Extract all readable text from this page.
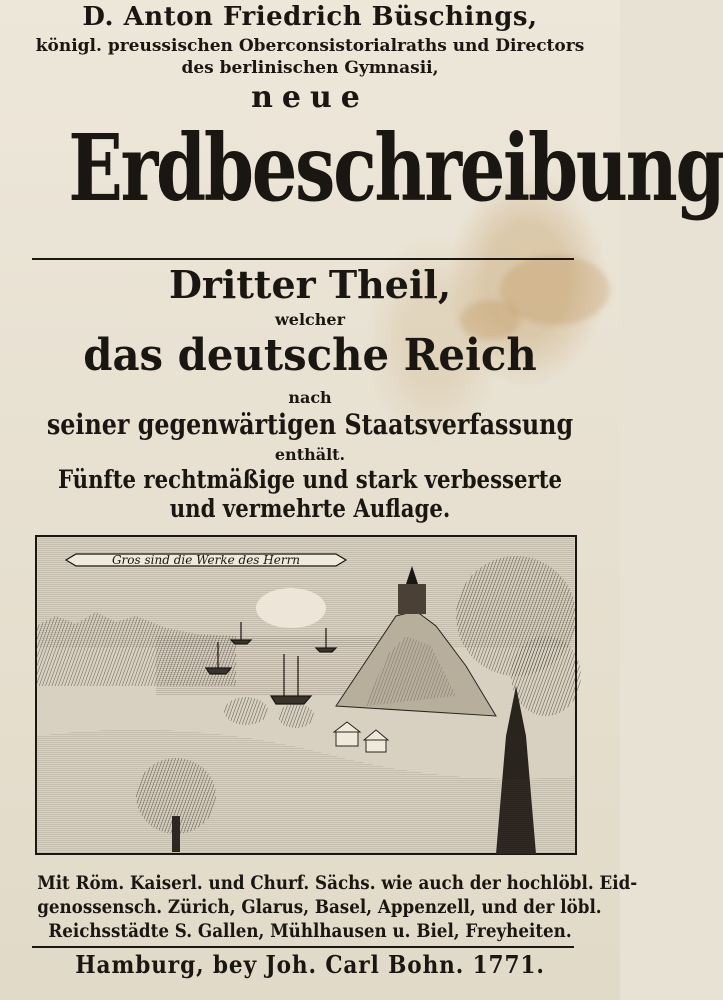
D. Anton Friedrich Büschings,
königl. preussischen Oberconsistorialraths und Directors
des berlinischen Gymnasii,
neue
Erdbeschreibung
Dritter Theil,
welcher
das deutsche Reich
nach
seiner gegenwärtigen Staatsverfassung
enthält.
Fünfte rechtmäßige und stark verbesserte
und vermehrte Auflage.
Gros sind die Werke des Herrn
Mit Röm. Kaiserl. und Churf. Sächs. wie auch der hochlöbl. Eid-
genossensch. Zürich, Glarus, Basel, Appenzell, und der löbl.
Reichsstädte S. Gallen, Mühlhausen u. Biel, Freyheiten.
Hamburg, bey Joh. Carl Bohn. 1771.
